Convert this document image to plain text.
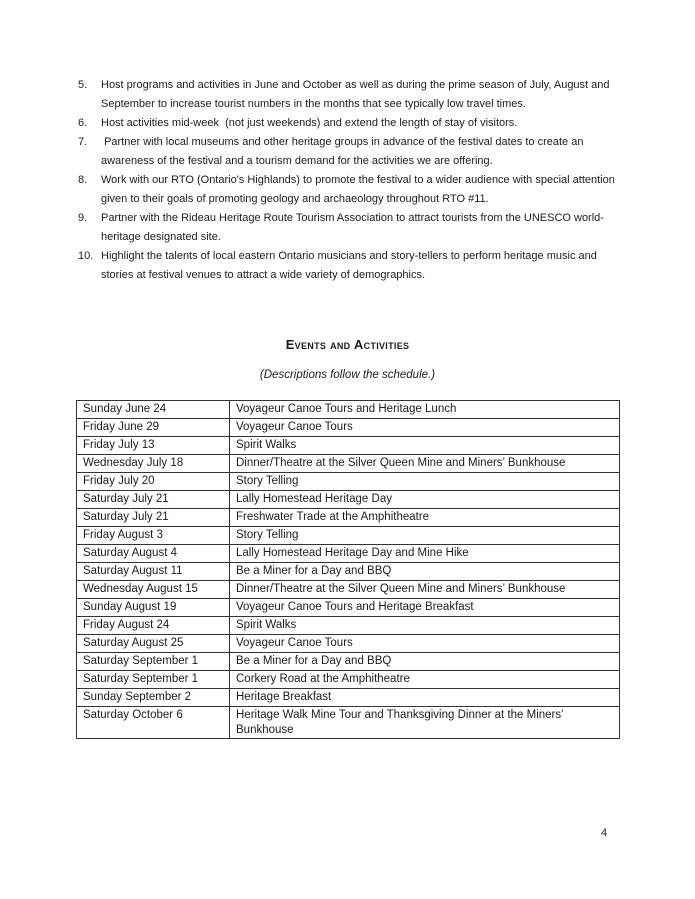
5.	Host programs and activities in June and October as well as during the prime season of July, August and September to increase tourist numbers in the months that see typically low travel times.
6.	Host activities mid-week  (not just weekends) and extend the length of stay of visitors.
7.	Partner with local museums and other heritage groups in advance of the festival dates to create an awareness of the festival and a tourism demand for the activities we are offering.
8.	Work with our RTO (Ontario's Highlands) to promote the festival to a wider audience with special attention given to their goals of promoting geology and archaeology throughout RTO #11.
9.	Partner with the Rideau Heritage Route Tourism Association to attract tourists from the UNESCO world-heritage designated site.
10. Highlight the talents of local eastern Ontario musicians and story-tellers to perform heritage music and stories at festival venues to attract a wide variety of demographics.
Events and Activities

(Descriptions follow the schedule.)

Sunday June 24	Voyageur Canoe Tours and Heritage Lunch
Friday June 29	Voyageur Canoe Tours
Friday July 13	Spirit Walks
Wednesday July 18	Dinner/Theatre at the Silver Queen Mine and Miners’ Bunkhouse
Friday July 20	Story Telling
Saturday July 21	Lally Homestead Heritage Day
Saturday July 21	Freshwater Trade at the Amphitheatre
Friday August 3	Story Telling
Saturday August 4	Lally Homestead Heritage Day and Mine Hike
Saturday August 11	Be a Miner for a Day and BBQ
Wednesday August 15	Dinner/Theatre at the Silver Queen Mine and Miners’ Bunkhouse
Sunday August 19	Voyageur Canoe Tours and Heritage Breakfast
Friday August 24	Spirit Walks
Saturday August 25	Voyageur Canoe Tours
Saturday September 1	Be a Miner for a Day and BBQ
Saturday September 1	Corkery Road at the Amphitheatre
Sunday September 2	Heritage Breakfast
Saturday October 6	Heritage Walk Mine Tour and Thanksgiving Dinner at the Miners’ Bunkhouse
4
